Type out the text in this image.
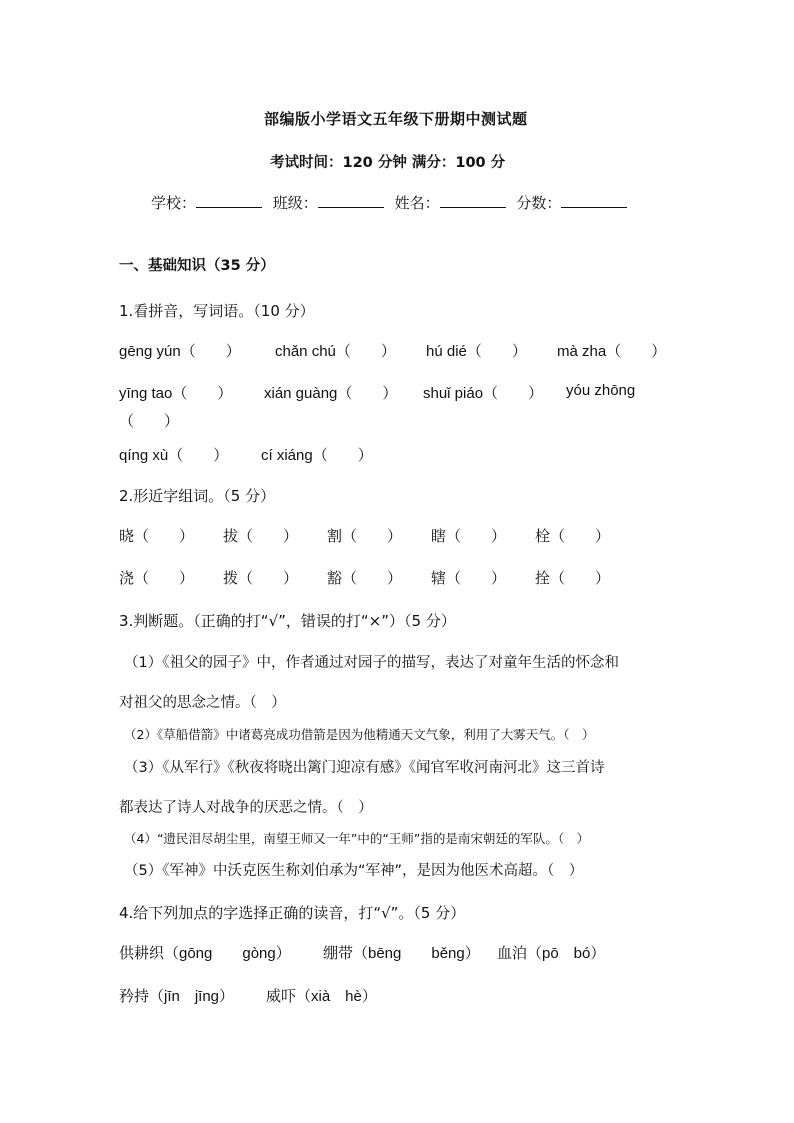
部编版小学语文五年级下册期中测试题
考试时间：120 分钟 满分：100 分
学校：	班级：	姓名：	分数：
一、基础知识（35 分）
1.看拼音，写词语。（10 分）
gēng yún（　　） chǎn chú（　　） hú dié（　　） mà zha（　　）
yīng tao（　　） xián guàng（　　） shuǐ piáo（　　） yóu zhōng
（　　）
qíng xù（　　） cí xiáng（　　）
2.形近字组词。（5 分）
晓（　　） 拔（　　） 割（　　） 瞎（　　） 栓（　　）
浇（　　） 拨（　　） 豁（　　） 辖（　　） 拴（　　）
3.判断题。（正确的打“√”，错误的打“×”）（5 分）
（1）《祖父的园子》中，作者通过对园子的描写，表达了对童年生活的怀念和
对祖父的思念之情。（　）
（2）《草船借箭》中诸葛亮成功借箭是因为他精通天文气象，利用了大雾天气。（　）
（3）《从军行》《秋夜将晓出篱门迎凉有感》《闻官军收河南河北》这三首诗
都表达了诗人对战争的厌恶之情。（　）
（4）“遗民泪尽胡尘里，南望王师又一年”中的“王师”指的是南宋朝廷的军队。（　）
（5）《军神》中沃克医生称刘伯承为“军神”，是因为他医术高超。（　）
4.给下列加点的字选择正确的读音，打“√”。（5 分）
供耕织（gōng　　gòng） 绷带（bēng　　běng） 血泊（pō　bó）
矜持（jīn　jīng） 威吓（xià　hè）
